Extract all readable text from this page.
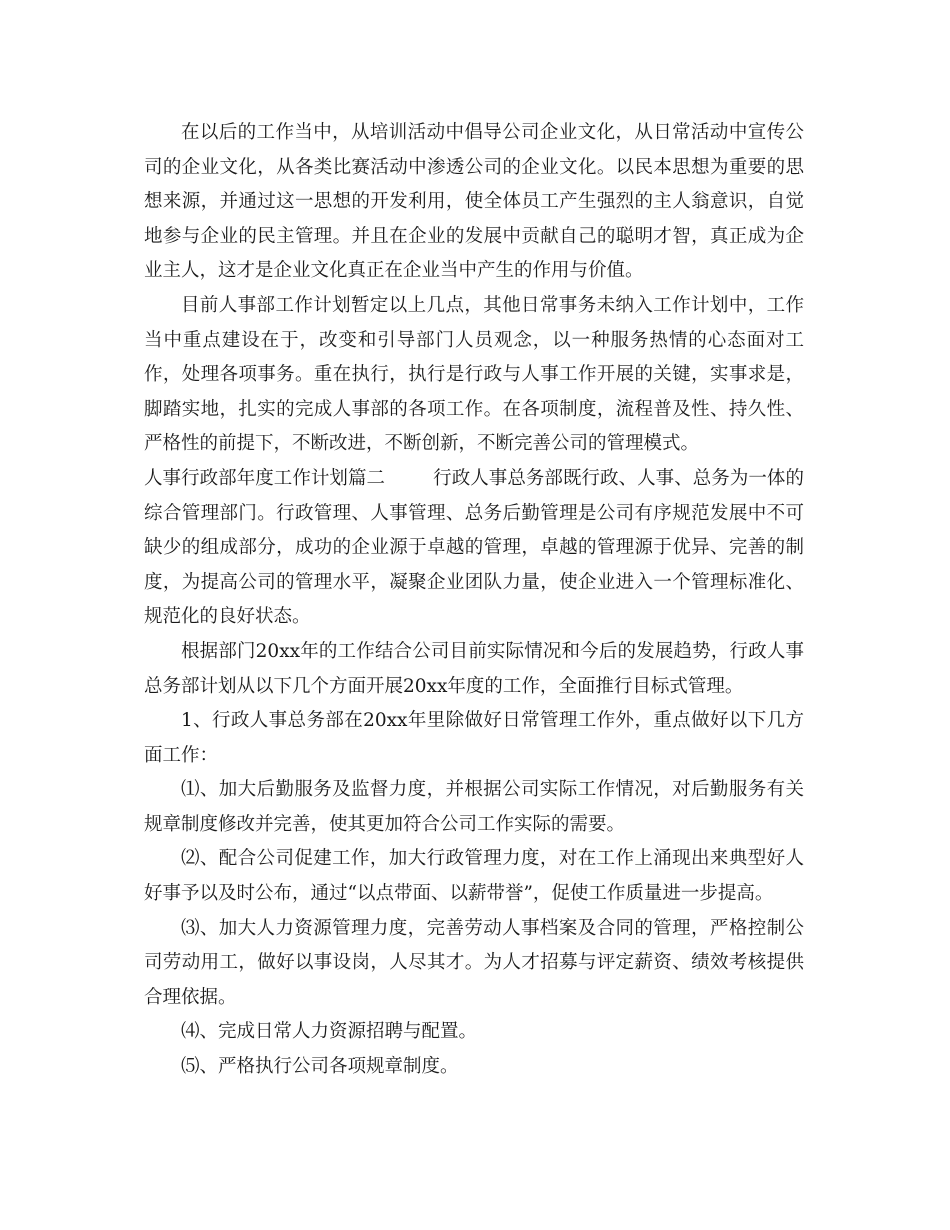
在以后的工作当中，从培训活动中倡导公司企业文化，从日常活动中宣传公司的企业文化，从各类比赛活动中渗透公司的企业文化。以民本思想为重要的思想来源，并通过这一思想的开发利用，使全体员工产生强烈的主人翁意识，自觉地参与企业的民主管理。并且在企业的发展中贡献自己的聪明才智，真正成为企业主人，这才是企业文化真正在企业当中产生的作用与价值。

目前人事部工作计划暂定以上几点，其他日常事务未纳入工作计划中，工作当中重点建设在于，改变和引导部门人员观念，以一种服务热情的心态面对工作，处理各项事务。重在执行，执行是行政与人事工作开展的关键，实事求是，脚踏实地，扎实的完成人事部的各项工作。在各项制度，流程普及性、持久性、严格性的前提下，不断改进，不断创新，不断完善公司的管理模式。

人事行政部年度工作计划篇二	行政人事总务部既行政、人事、总务为一体的综合管理部门。行政管理、人事管理、总务后勤管理是公司有序规范发展中不可缺少的组成部分，成功的企业源于卓越的管理，卓越的管理源于优异、完善的制度，为提高公司的管理水平，凝聚企业团队力量，使企业进入一个管理标准化、规范化的良好状态。

根据部门20xx年的工作结合公司目前实际情况和今后的发展趋势，行政人事总务部计划从以下几个方面开展20xx年度的工作，全面推行目标式管理。

1、行政人事总务部在20xx年里除做好日常管理工作外，重点做好以下几方面工作：

⑴、加大后勤服务及监督力度，并根据公司实际工作情况，对后勤服务有关规章制度修改并完善，使其更加符合公司工作实际的需要。

⑵、配合公司促建工作，加大行政管理力度，对在工作上涌现出来典型好人好事予以及时公布，通过“以点带面、以薪带誉”，促使工作质量进一步提高。

⑶、加大人力资源管理力度，完善劳动人事档案及合同的管理，严格控制公司劳动用工，做好以事设岗，人尽其才。为人才招募与评定薪资、绩效考核提供合理依据。

⑷、完成日常人力资源招聘与配置。

⑸、严格执行公司各项规章制度。
